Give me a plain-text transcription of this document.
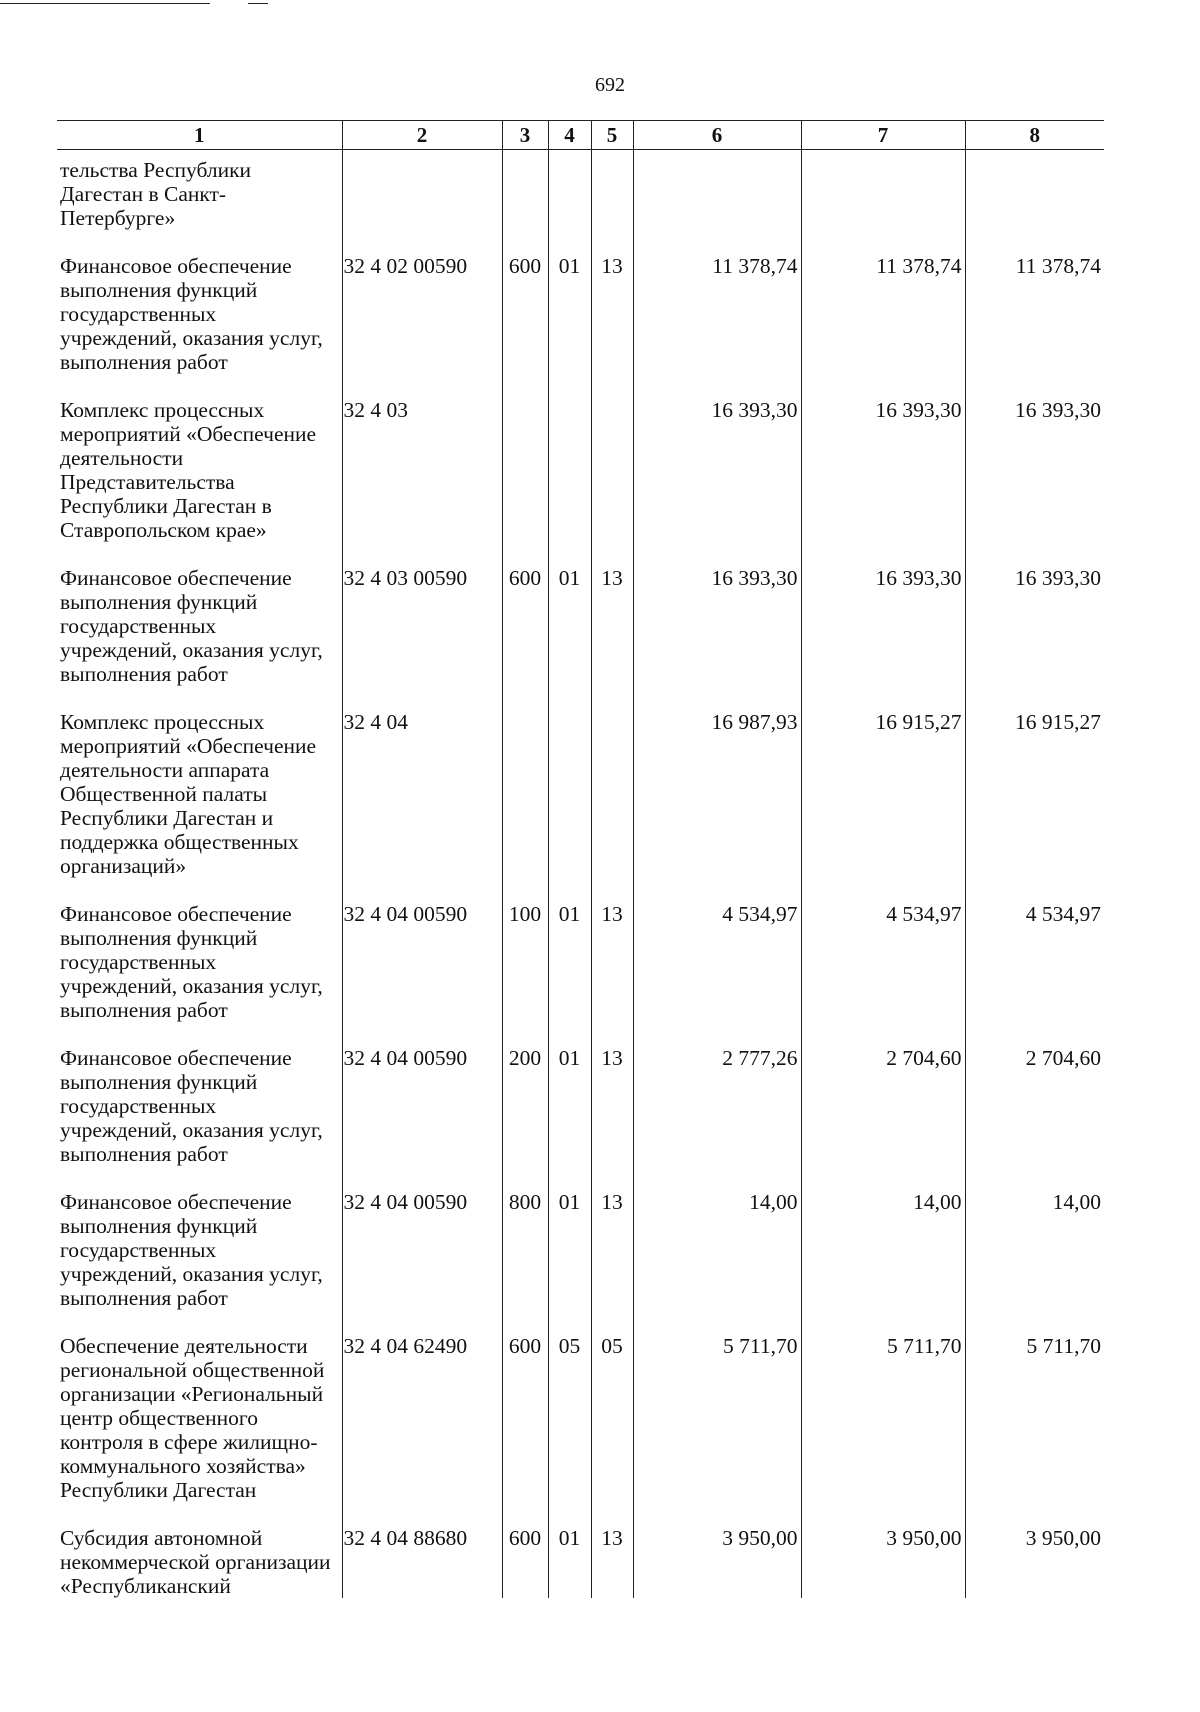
692
1	2	3	4	5	6	7	8
тельства Республики Дагестан в Санкт-Петербурге»							
Финансовое обеспечение выполнения функций государственных учреждений, оказания услуг, выполнения работ	32 4 02 00590	600	01	13	11 378,74	11 378,74	11 378,74
Комплекс процессных мероприятий «Обеспечение деятельности Представительства Республики Дагестан в Ставропольском крае»	32 4 03				16 393,30	16 393,30	16 393,30
Финансовое обеспечение выполнения функций государственных учреждений, оказания услуг, выполнения работ	32 4 03 00590	600	01	13	16 393,30	16 393,30	16 393,30
Комплекс процессных мероприятий «Обеспечение деятельности аппарата Общественной палаты Республики Дагестан и поддержка общественных организаций»	32 4 04				16 987,93	16 915,27	16 915,27
Финансовое обеспечение выполнения функций государственных учреждений, оказания услуг, выполнения работ	32 4 04 00590	100	01	13	4 534,97	4 534,97	4 534,97
Финансовое обеспечение выполнения функций государственных учреждений, оказания услуг, выполнения работ	32 4 04 00590	200	01	13	2 777,26	2 704,60	2 704,60
Финансовое обеспечение выполнения функций государственных учреждений, оказания услуг, выполнения работ	32 4 04 00590	800	01	13	14,00	14,00	14,00
Обеспечение деятельности региональной общественной организации «Региональный центр общественного контроля в сфере жилищно-коммунального хозяйства» Республики Дагестан	32 4 04 62490	600	05	05	5 711,70	5 711,70	5 711,70
Субсидия автономной некоммерческой организации «Республиканский	32 4 04 88680	600	01	13	3 950,00	3 950,00	3 950,00
